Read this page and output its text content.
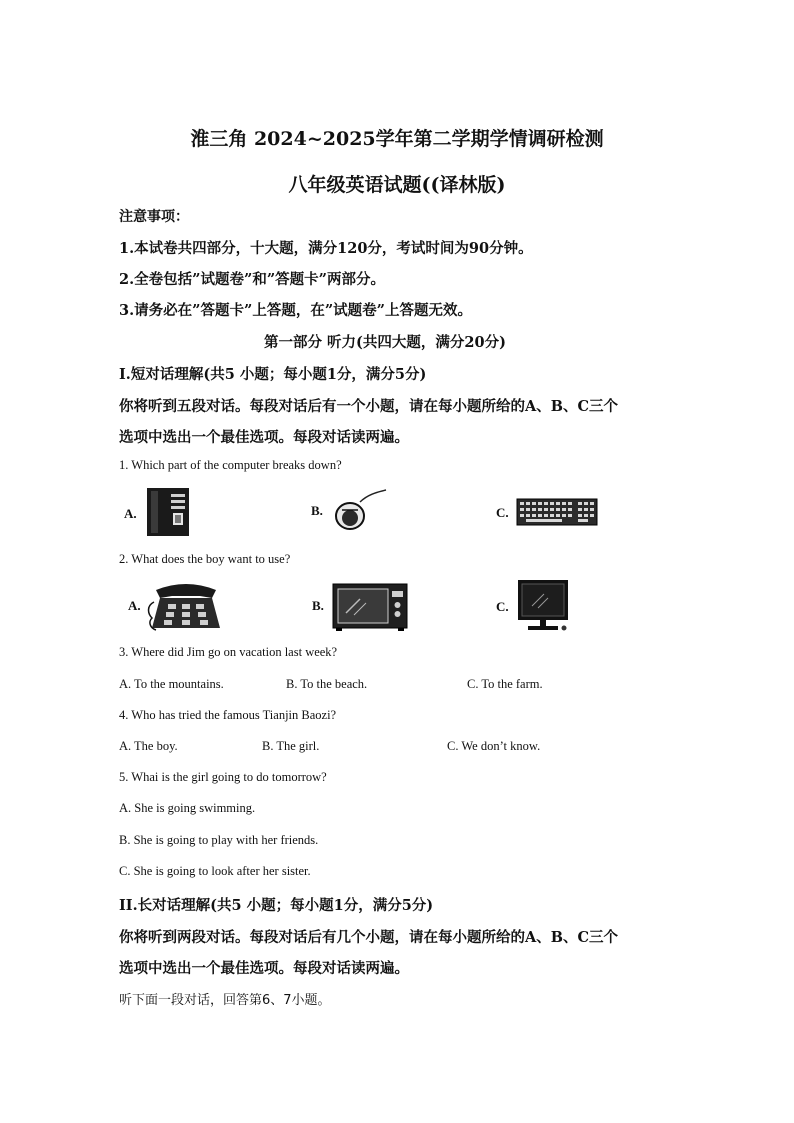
淮三角 2024~2025学年第二学期学情调研检测
八年级英语试题((译林版)
注意事项：
1.本试卷共四部分，十大题，满分120分，考试时间为90分钟。
2.全卷包括”试题卷”和”答题卡”两部分。
3.请务必在”答题卡”上答题，在”试题卷”上答题无效。
第一部分 听力(共四大题，满分20分)
I.短对话理解(共5 小题；每小题1分，满分5分)
你将听到五段对话。每段对话后有一个小题，请在每小题所给的A、B、C三个
选项中选出一个最佳选项。每段对话读两遍。
1. Which part of the computer breaks down?
A.	B.	C.
2. What does the boy want to use?
A.	B.	C.
3. Where did Jim go on vacation last week?
A. To the mountains.	B. To the beach.	C. To the farm.
4. Who has tried the famous Tianjin Baozi?
A. The boy.	B. The girl.	C. We don’t know.
5. Whai is the girl going to do tomorrow?
A. She is going swimming.
B. She is going to play with her friends.
C. She is going to look after her sister.
II.长对话理解(共5 小题；每小题1分，满分5分)
你将听到两段对话。每段对话后有几个小题，请在每小题所给的A、B、C三个
选项中选出一个最佳选项。每段对话读两遍。
听下面一段对话，回答第6、7小题。
